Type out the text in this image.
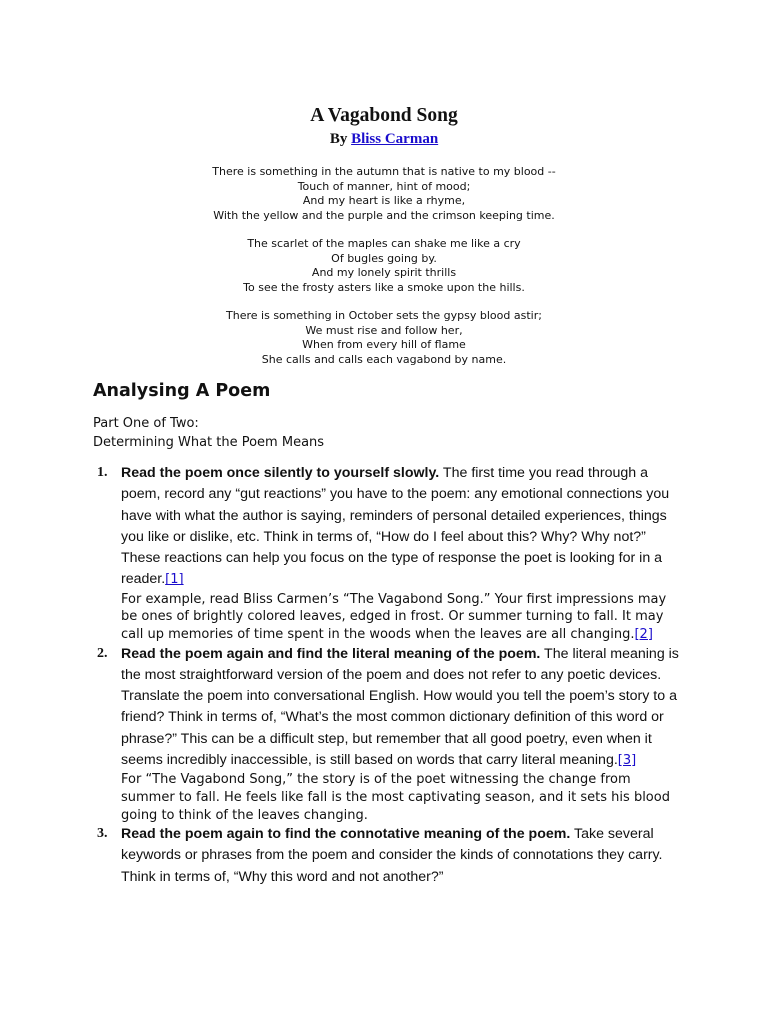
A Vagabond Song
By Bliss Carman
There is something in the autumn that is native to my blood --
Touch of manner, hint of mood;
And my heart is like a rhyme,
With the yellow and the purple and the crimson keeping time.
The scarlet of the maples can shake me like a cry
Of bugles going by.
And my lonely spirit thrills
To see the frosty asters like a smoke upon the hills.
There is something in October sets the gypsy blood astir;
We must rise and follow her,
When from every hill of flame
She calls and calls each vagabond by name.
Analysing A Poem
Part One of Two:
Determining What the Poem Means
1. Read the poem once silently to yourself slowly. The first time you read through a poem, record any “gut reactions” you have to the poem: any emotional connections you have with what the author is saying, reminders of personal detailed experiences, things you like or dislike, etc. Think in terms of, “How do I feel about this? Why? Why not?” These reactions can help you focus on the type of response the poet is looking for in a reader.[1]
For example, read Bliss Carmen’s “The Vagabond Song.” Your first impressions may be ones of brightly colored leaves, edged in frost. Or summer turning to fall. It may call up memories of time spent in the woods when the leaves are all changing.[2]
2. Read the poem again and find the literal meaning of the poem. The literal meaning is the most straightforward version of the poem and does not refer to any poetic devices. Translate the poem into conversational English. How would you tell the poem’s story to a friend? Think in terms of, “What’s the most common dictionary definition of this word or phrase?” This can be a difficult step, but remember that all good poetry, even when it seems incredibly inaccessible, is still based on words that carry literal meaning.[3]
For “The Vagabond Song,” the story is of the poet witnessing the change from summer to fall. He feels like fall is the most captivating season, and it sets his blood going to think of the leaves changing.
3. Read the poem again to find the connotative meaning of the poem. Take several keywords or phrases from the poem and consider the kinds of connotations they carry. Think in terms of, “Why this word and not another?”
